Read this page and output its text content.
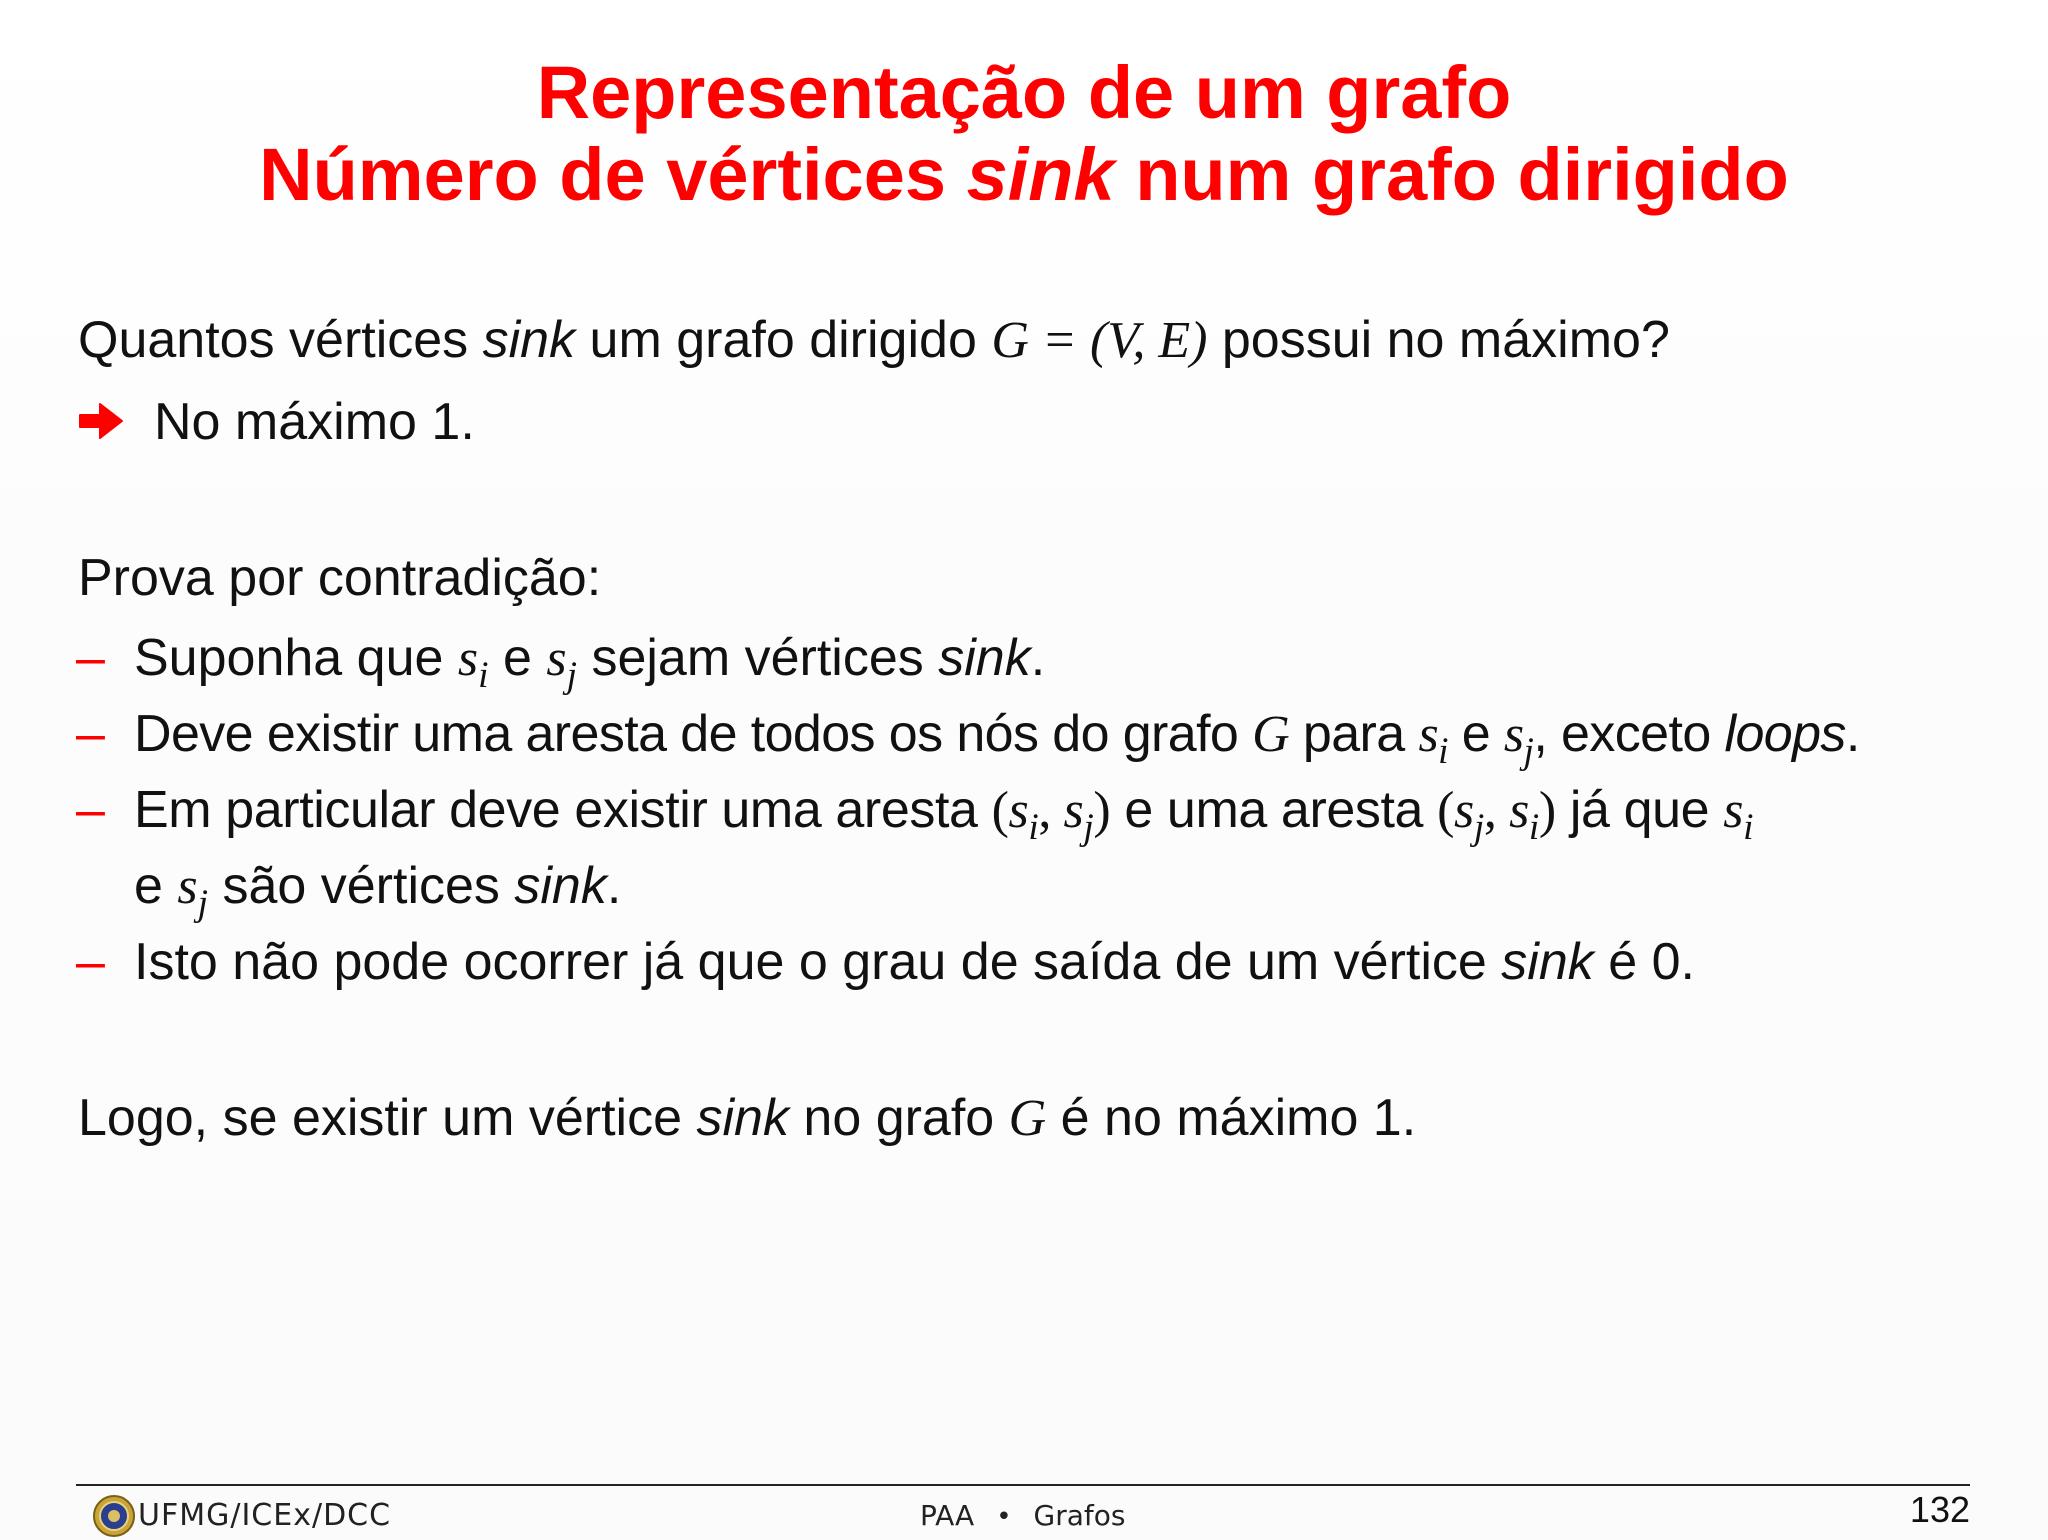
Representação de um grafo
Número de vértices sink num grafo dirigido
Quantos vértices sink um grafo dirigido G = (V, E) possui no máximo?
No máximo 1.
Prova por contradição:
– Suponha que $s_i$ e $s_j$ sejam vértices sink.
– Deve existir uma aresta de todos os nós do grafo G para $s_i$ e $s_j$, exceto loops.
– Em particular deve existir uma aresta ($s_i$, $s_j$) e uma aresta ($s_j$, $s_i$) já que $s_i$
e $s_j$ são vértices sink.
– Isto não pode ocorrer já que o grau de saída de um vértice sink é 0.
Logo, se existir um vértice sink no grafo G é no máximo 1.
UFMG/ICEx/DCC	PAA • Grafos	132
